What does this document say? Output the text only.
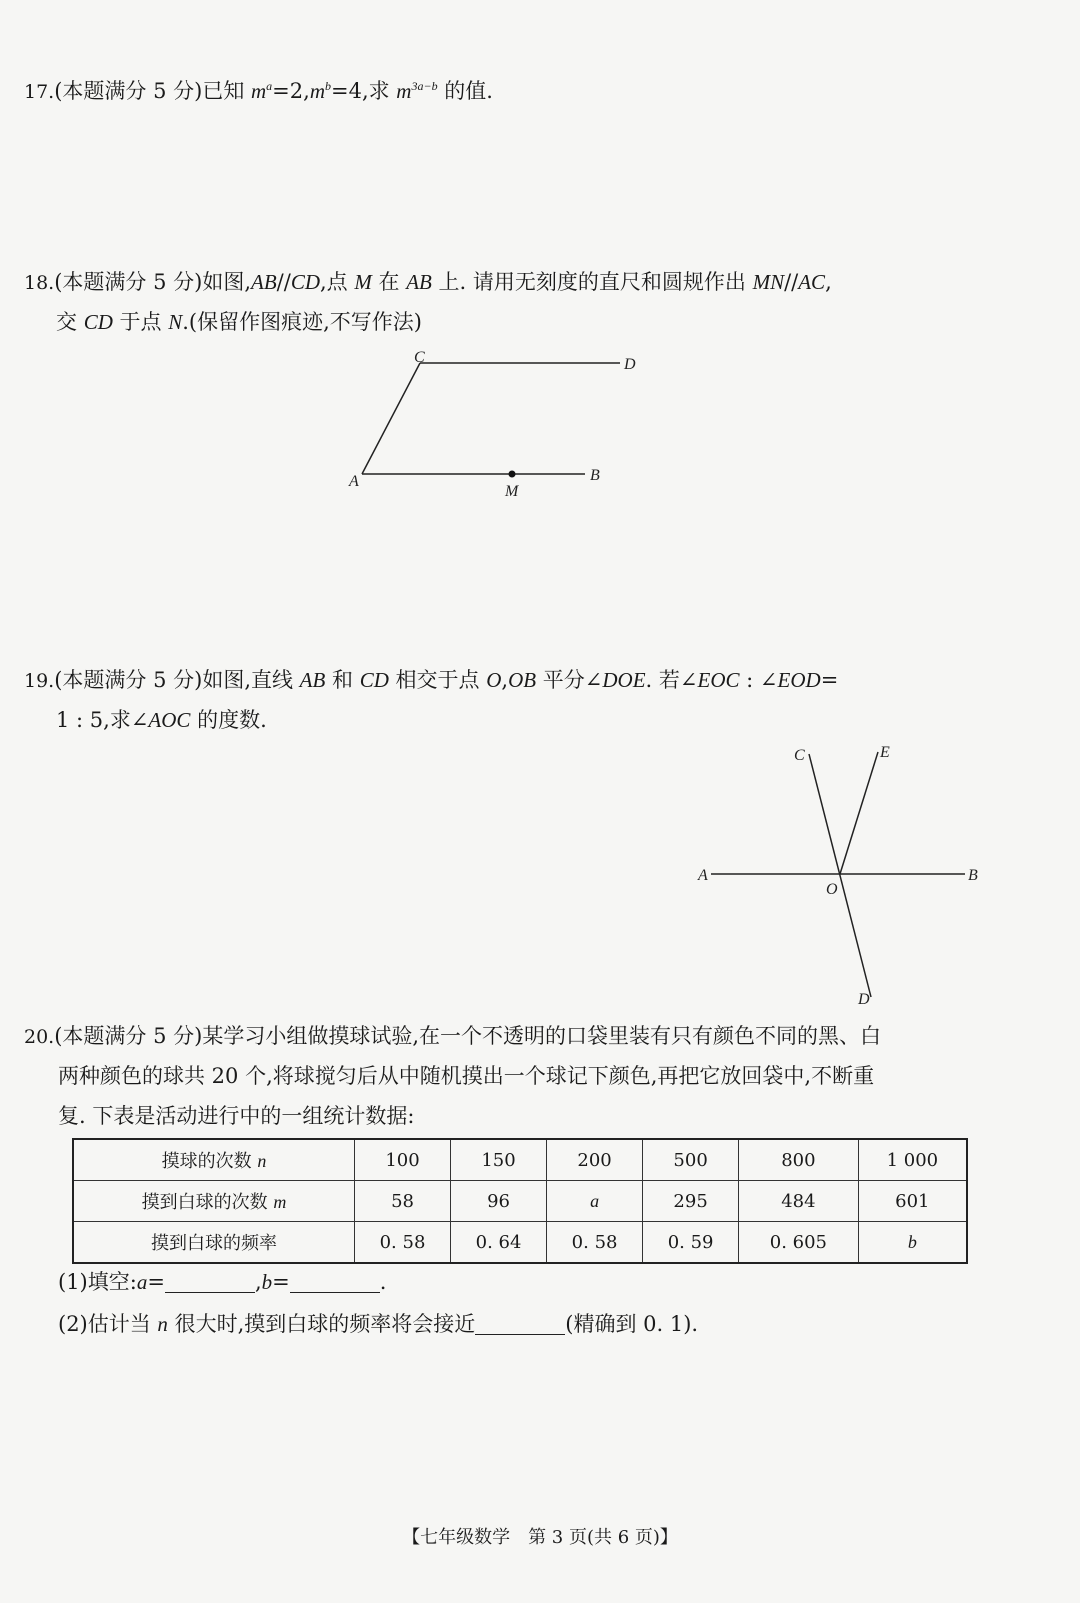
17.(本题满分 5 分)已知 $m^a=2,m^b=4$,求 $m^{3a-b}$ 的值.
18.(本题满分 5 分)如图,AB//CD,点 M 在 AB 上. 请用无刻度的直尺和圆规作出 MN//AC,
交 CD 于点 N.(保留作图痕迹,不写作法)
C	D
A	B
M
19.(本题满分 5 分)如图,直线 AB 和 CD 相交于点 O,OB 平分∠DOE. 若∠EOC : ∠EOD=
1 : 5,求∠AOC 的度数.
C	E
A	B
O
D
20.(本题满分 5 分)某学习小组做摸球试验,在一个不透明的口袋里装有只有颜色不同的黑、白
两种颜色的球共 20 个,将球搅匀后从中随机摸出一个球记下颜色,再把它放回袋中,不断重
复. 下表是活动进行中的一组统计数据:
摸球的次数 n	100	150	200	500	800	1 000
摸到白球的次数 m	58	96	a	295	484	601
摸到白球的频率	0. 58	0. 64	0. 58	0. 59	0. 605	b
(1)填空:a=	,b=	.
(2)估计当 n 很大时,摸到白球的频率将会接近	(精确到 0. 1).
【七年级数学　第 3 页(共 6 页)】
